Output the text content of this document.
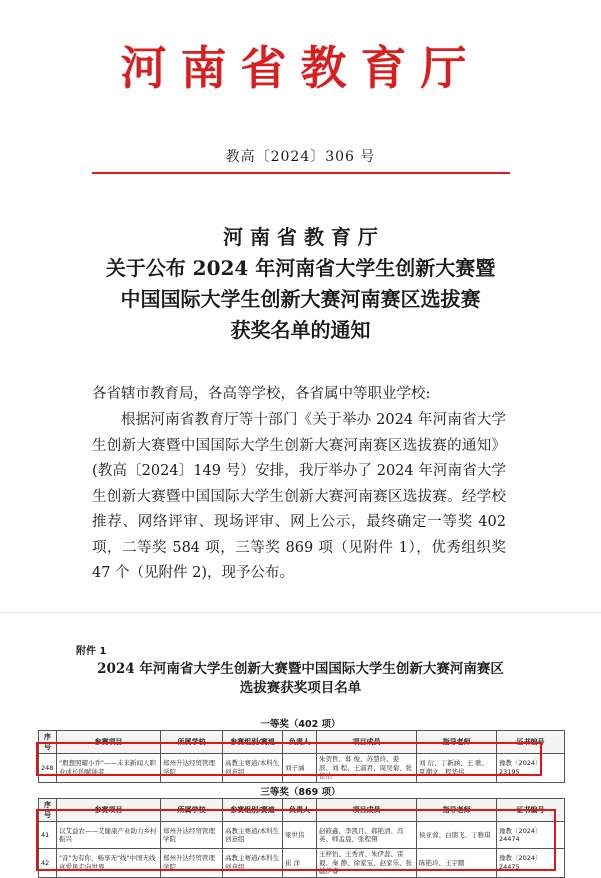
河南省教育厅
教高〔2024〕306 号
河 南 省 教 育 厅
关于公布 2024 年河南省大学生创新大赛暨
中国国际大学生创新大赛河南赛区选拔赛
获奖名单的通知
各省辖市教育局，各高等学校，各省属中等职业学校:
根据河南省教育厅等十部门《关于举办 2024 年河南省大学生创新大赛暨中国国际大学生创新大赛河南赛区选拔赛的通知》(教高〔2024〕149 号）安排，我厅举办了 2024 年河南省大学生创新大赛暨中国国际大学生创新大赛河南赛区选拔赛。经学校推荐、网络评审、现场评审、网上公示，最终确定一等奖 402 项，二等奖 584 项，三等奖 869 项（见附件 1），优秀组织奖 47 个（见附件 2)，现予公布。
附件 1
2024 年河南省大学生创新大赛暨中国国际大学生创新大赛河南赛区
选拔赛获奖项目名单
一等奖（402 项）
序号	参赛项目	所属学校	参赛组别/赛道	负责人	项目成员	指导老师	证书编号
248	"瑕想照耀小乔"——未来新闻人职业成长的赋能者	郑州升达经贸管理学院	高教主赛道/本科生创意组	刘子涵	朱贺哲、暮 俊、苏慧玲、姜 滨、刘 程、王淑君、周吴菊、张佳怡	刘 衍、丁新涵、王 歌、夏潮文、程华伟	豫教〔2024〕23195
三等奖（869 项）
序号	参赛项目	所属学校	参赛组别/赛道	负责人	项目成员	指导老师	证书编号
41	以艾益农——艾健康产业助力乡村振兴	郑州升达经贸管理学院	高教主赛道/本科生创意组	梁世伟	赵筱鑫、李凯月、郝艳清、冯 英、师孟晨、张程翔	侯亚蓉、白朋飞、丁雅琪	豫教〔2024〕24474
42	"音"为有你，畅享无"线"中国无线真爱风走向世界	郑州升达经贸管理学院	高教主赛道/本科生创意组	崔 洋	王梓怡、王秀青、朱伊蕊、雷 毅、秦 静、徐家宝、赵家乐、张毓伊睿	陈艳玲、王宇鹏	豫教〔2024〕24475
